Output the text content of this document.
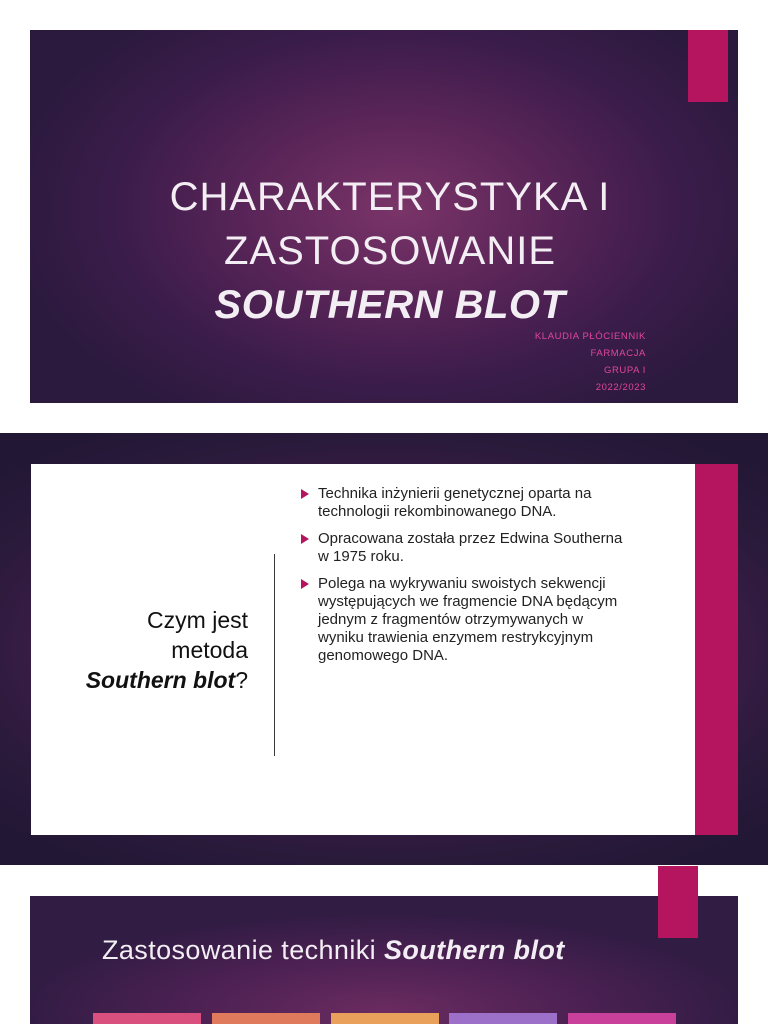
CHARAKTERYSTYKA I
ZASTOSOWANIE
SOUTHERN BLOT
KLAUDIA PŁÓCIENNIK
FARMACJA
GRUPA I
2022/2023
Czym jest
metoda
Southern blot?
Technika inżynierii genetycznej oparta na technologii rekombinowanego DNA.
Opracowana została przez Edwina Southerna w 1975 roku.
Polega na wykrywaniu swoistych sekwencji występujących we fragmencie DNA będącym jednym z fragmentów otrzymywanych w wyniku trawienia enzymem restrykcyjnym genomowego DNA.
Zastosowanie techniki Southern blot
